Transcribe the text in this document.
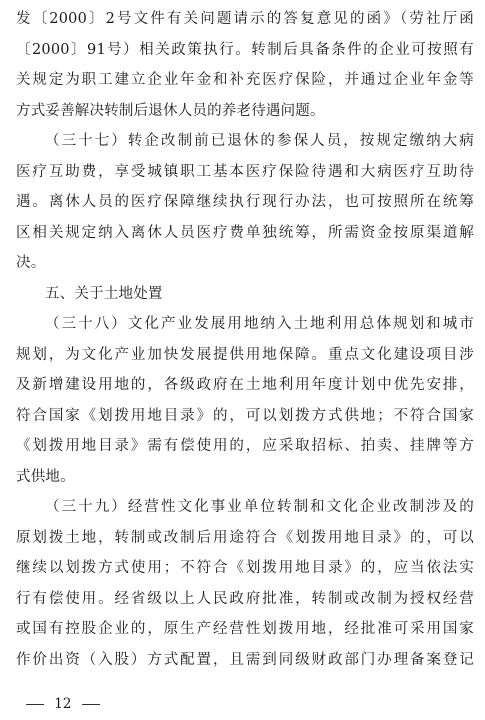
发〔2000〕2号文件有关问题请示的答复意见的函》（劳社厅函
〔2000〕91号）相关政策执行。转制后具备条件的企业可按照有
关规定为职工建立企业年金和补充医疗保险，并通过企业年金等
方式妥善解决转制后退休人员的养老待遇问题。
（三十七）转企改制前已退休的参保人员，按规定缴纳大病
医疗互助费，享受城镇职工基本医疗保险待遇和大病医疗互助待
遇。离休人员的医疗保障继续执行现行办法，也可按照所在统筹
区相关规定纳入离休人员医疗费单独统筹，所需资金按原渠道解
决。
五、关于土地处置
（三十八）文化产业发展用地纳入土地利用总体规划和城市
规划，为文化产业加快发展提供用地保障。重点文化建设项目涉
及新增建设用地的，各级政府在土地利用年度计划中优先安排，
符合国家《划拨用地目录》的，可以划拨方式供地；不符合国家
《划拨用地目录》需有偿使用的，应采取招标、拍卖、挂牌等方
式供地。
（三十九）经营性文化事业单位转制和文化企业改制涉及的
原划拨土地，转制或改制后用途符合《划拨用地目录》的，可以
继续以划拨方式使用；不符合《划拨用地目录》的，应当依法实
行有偿使用。经省级以上人民政府批准，转制或改制为授权经营
或国有控股企业的，原生产经营性划拨用地，经批准可采用国家
作价出资（入股）方式配置，且需到同级财政部门办理备案登记
12
